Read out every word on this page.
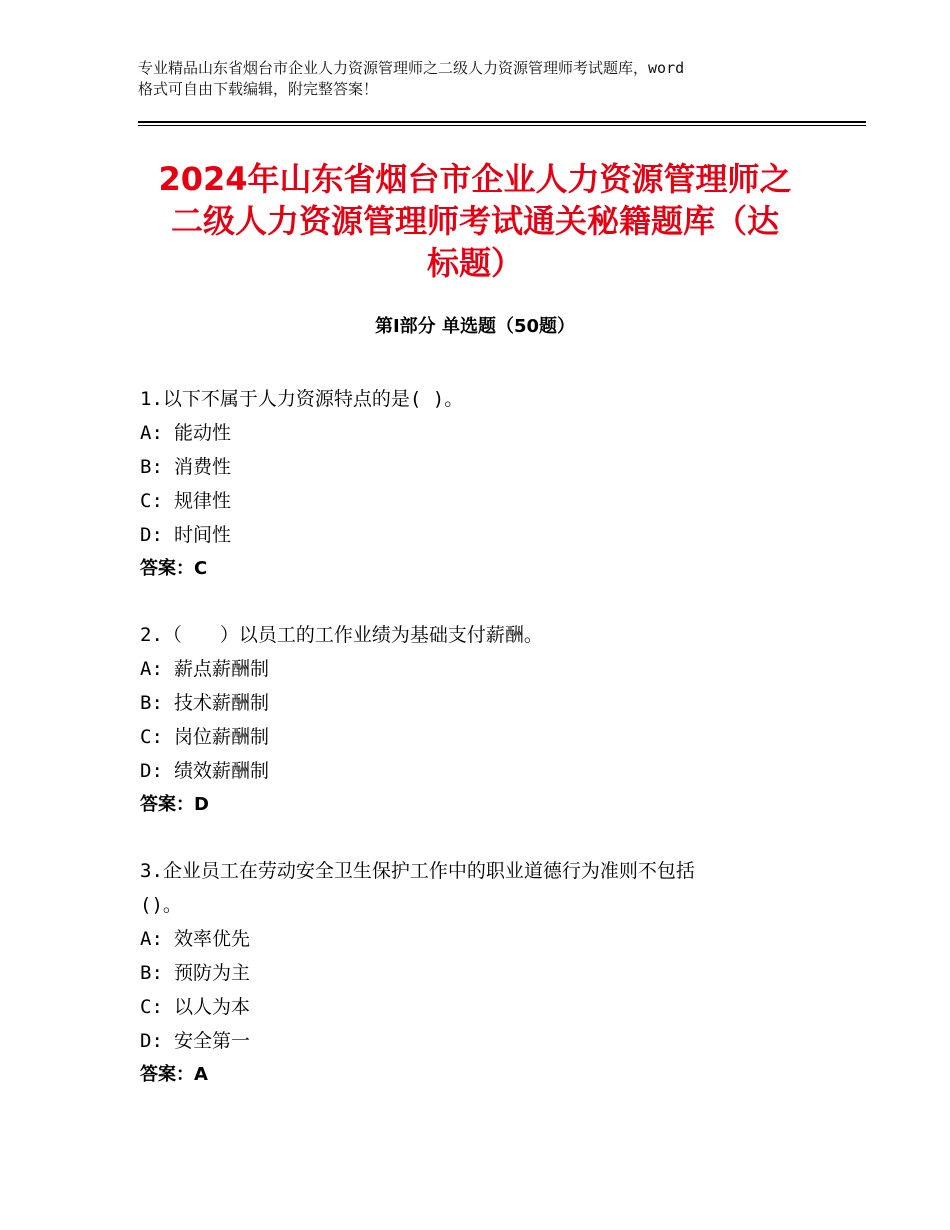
专业精品山东省烟台市企业人力资源管理师之二级人力资源管理师考试题库，word
格式可自由下载编辑，附完整答案！
2024年山东省烟台市企业人力资源管理师之
二级人力资源管理师考试通关秘籍题库（达
标题）
第Ⅰ部分 单选题（50题）
1.以下不属于人力资源特点的是( )。
A: 能动性
B: 消费性
C: 规律性
D: 时间性
答案：C
2.（　　）以员工的工作业绩为基础支付薪酬。
A: 薪点薪酬制
B: 技术薪酬制
C: 岗位薪酬制
D: 绩效薪酬制
答案：D
3.企业员工在劳动安全卫生保护工作中的职业道德行为准则不包括
()。
A: 效率优先
B: 预防为主
C: 以人为本
D: 安全第一
答案：A
